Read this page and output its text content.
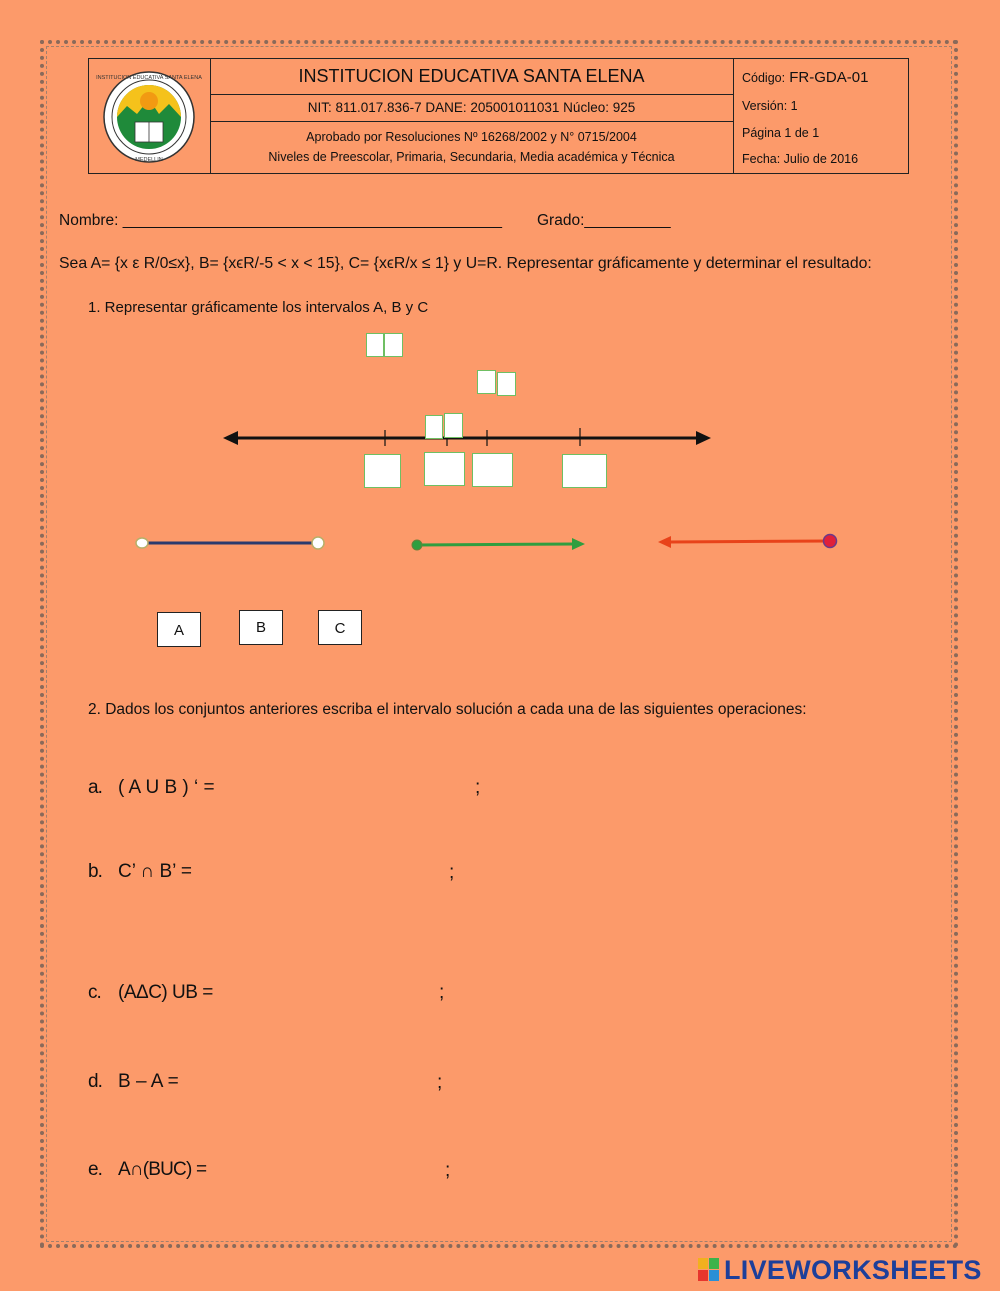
INSTITUCION EDUCATIVA SANTA ELENA
MEDELLIN
INSTITUCION EDUCATIVA SANTA ELENA
NIT: 811.017.836-7 DANE: 205001011031 Núcleo: 925
Aprobado por Resoluciones Nº 16268/2002 y N° 0715/2004
Niveles de Preescolar, Primaria, Secundaria, Media académica y Técnica
Código: FR-GDA-01
Versión: 1
Página 1 de 1
Fecha: Julio de 2016
Nombre: ____________________________________________ Grado:__________
Sea A= {x ε R/0≤x}, B= {xϵR/-5 < x < 15}, C= {xϵR/x ≤ 1} y U=R. Representar gráficamente y determinar el resultado:
1. Representar gráficamente los intervalos A, B y C
A	B	C
2. Dados los conjuntos anteriores escriba el intervalo solución a cada una de las siguientes operaciones:
a. ( A U B ) ‘ =	;
b. C’ ∩ B’ =	;
c. (AΔC) UB =	;
d. B – A =	;
e. A∩(BUC) =	;
LIVEWORKSHEETS
